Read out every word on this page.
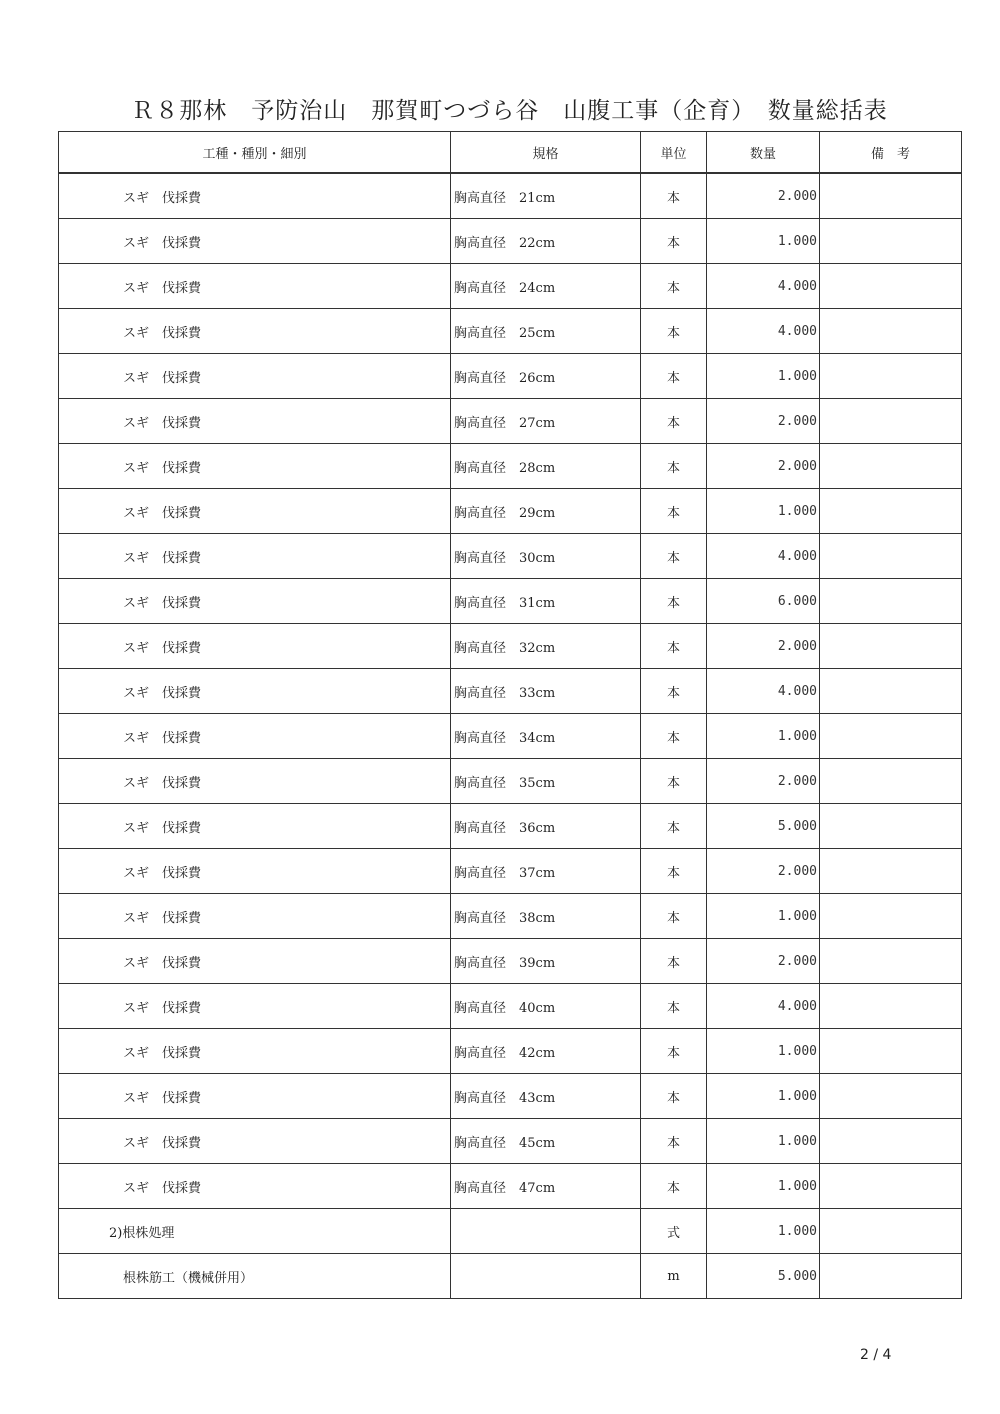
Ｒ８那林　予防治山　那賀町つづら谷　山腹工事（企育）　数量総括表
工種・種別・細別	規格	単位	数量	備　考
スギ　伐採費	胸高直径　21cm	本	2.000	
スギ　伐採費	胸高直径　22cm	本	1.000	
スギ　伐採費	胸高直径　24cm	本	4.000	
スギ　伐採費	胸高直径　25cm	本	4.000	
スギ　伐採費	胸高直径　26cm	本	1.000	
スギ　伐採費	胸高直径　27cm	本	2.000	
スギ　伐採費	胸高直径　28cm	本	2.000	
スギ　伐採費	胸高直径　29cm	本	1.000	
スギ　伐採費	胸高直径　30cm	本	4.000	
スギ　伐採費	胸高直径　31cm	本	6.000	
スギ　伐採費	胸高直径　32cm	本	2.000	
スギ　伐採費	胸高直径　33cm	本	4.000	
スギ　伐採費	胸高直径　34cm	本	1.000	
スギ　伐採費	胸高直径　35cm	本	2.000	
スギ　伐採費	胸高直径　36cm	本	5.000	
スギ　伐採費	胸高直径　37cm	本	2.000	
スギ　伐採費	胸高直径　38cm	本	1.000	
スギ　伐採費	胸高直径　39cm	本	2.000	
スギ　伐採費	胸高直径　40cm	本	4.000	
スギ　伐採費	胸高直径　42cm	本	1.000	
スギ　伐採費	胸高直径　43cm	本	1.000	
スギ　伐採費	胸高直径　45cm	本	1.000	
スギ　伐採費	胸高直径　47cm	本	1.000	
2)根株処理		式	1.000	
根株筋工（機械併用）		m	5.000	
2 / 4
